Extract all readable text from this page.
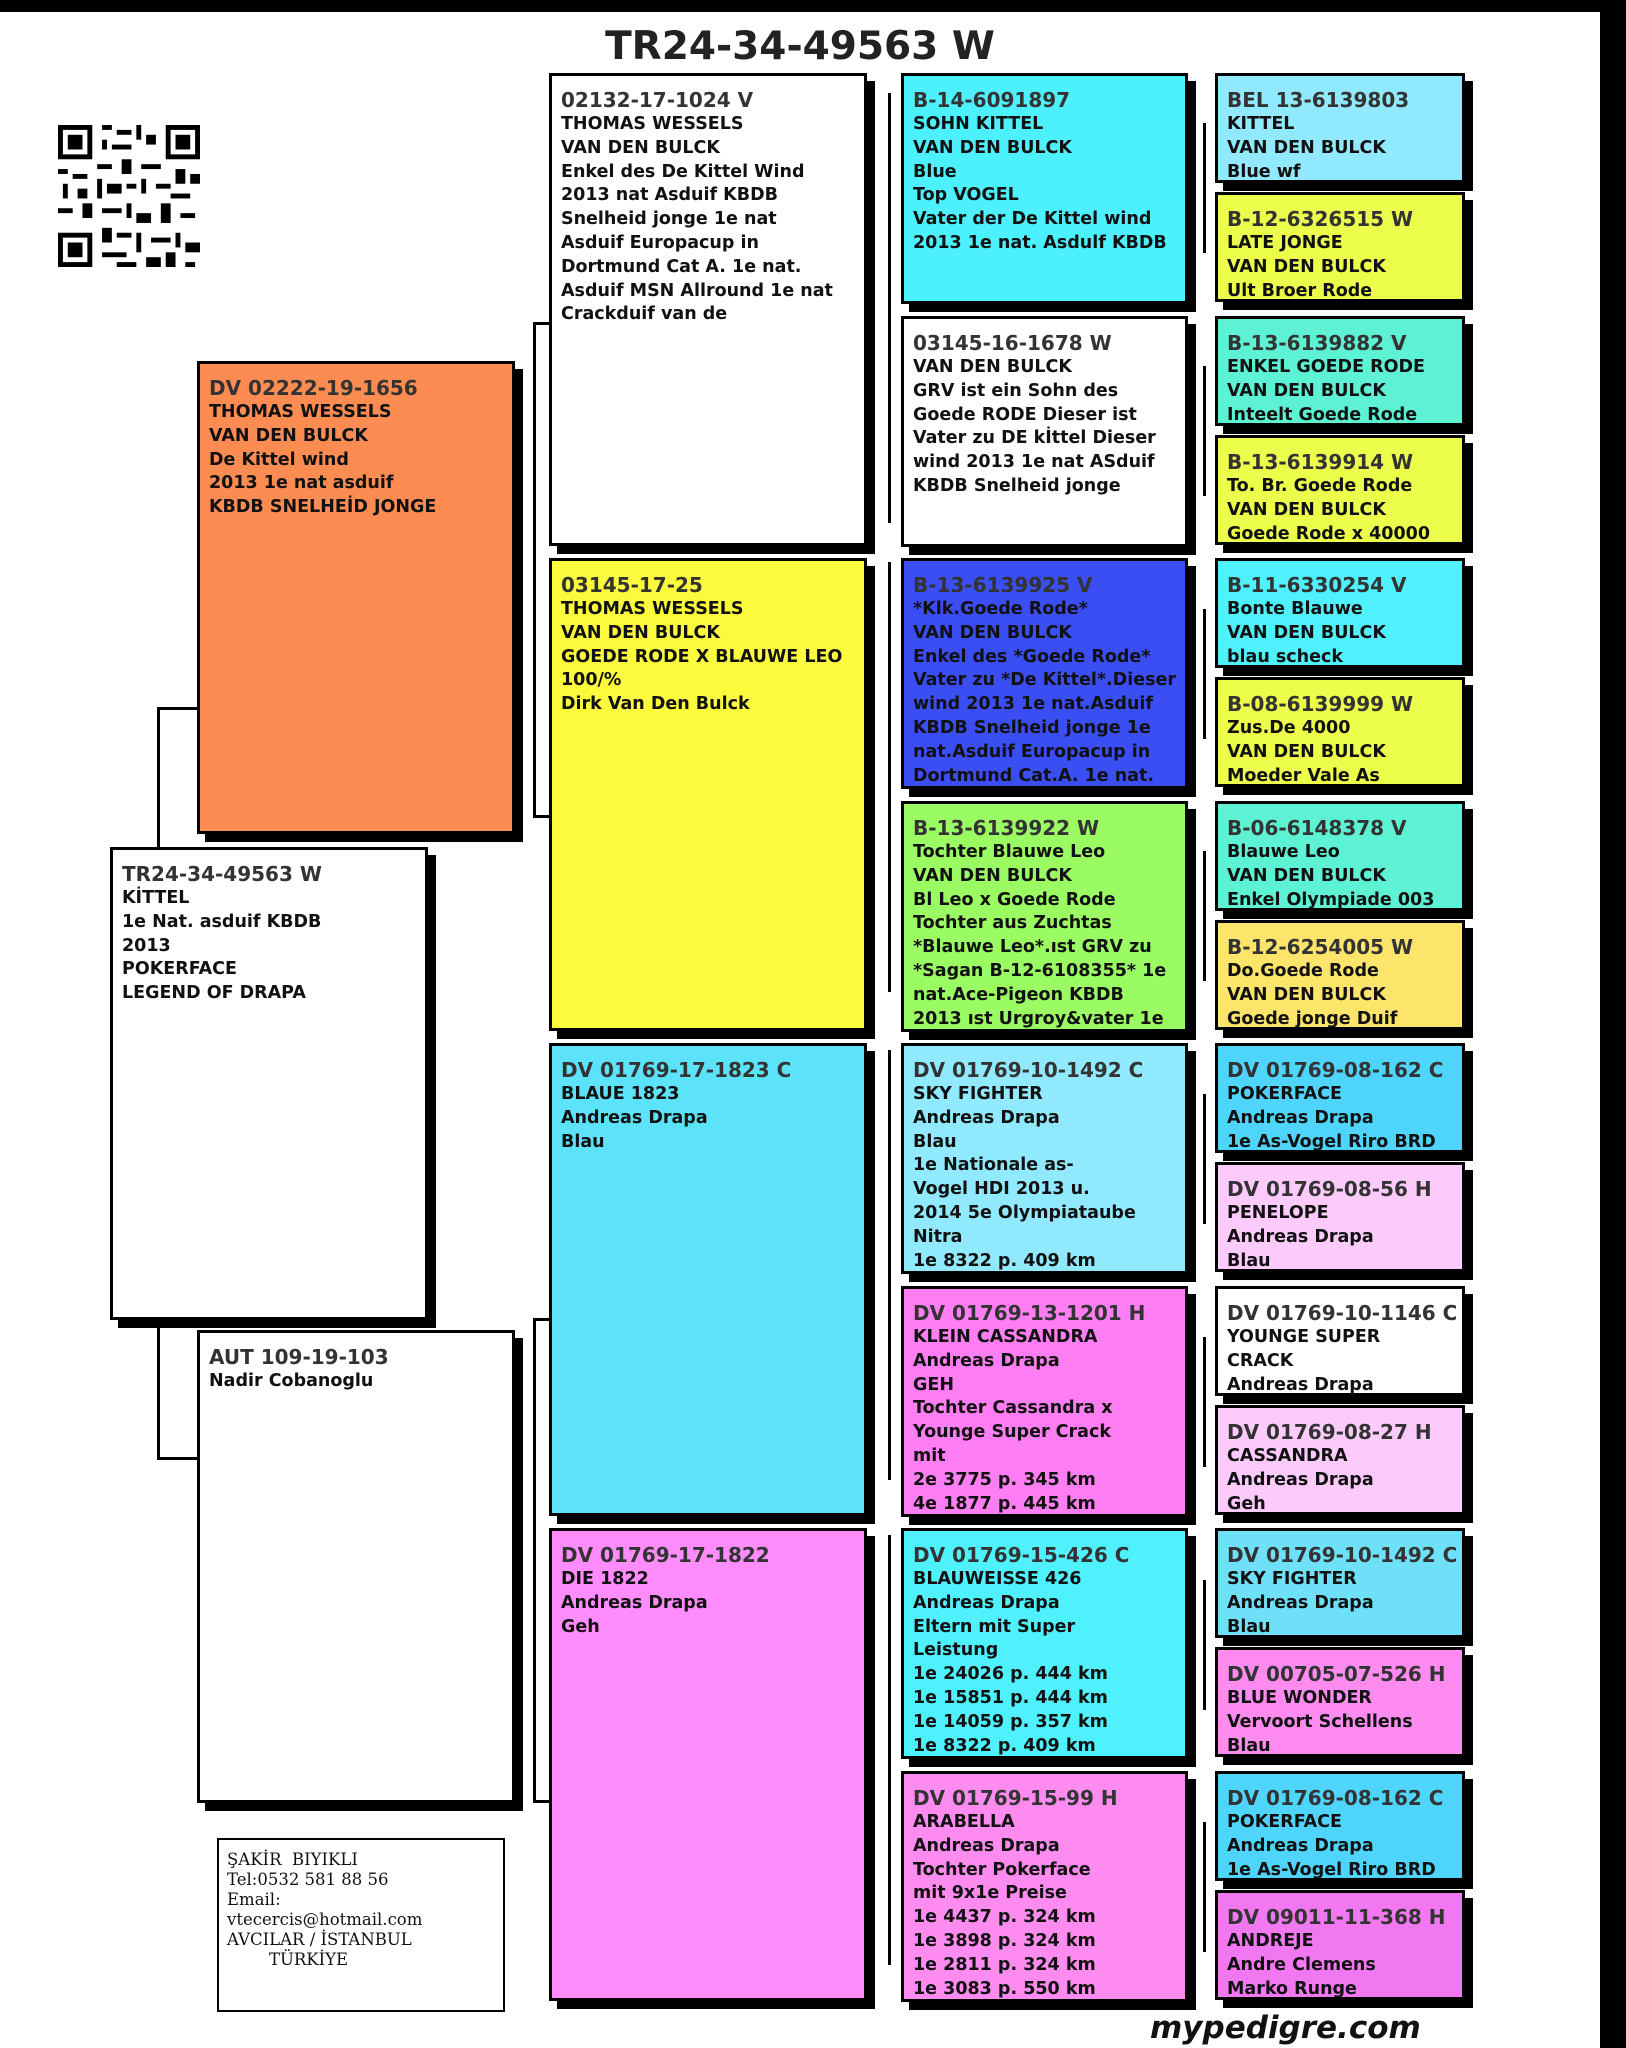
TR24-34-49563 W
TR24-34-49563 W
KİTTEL
1e Nat. asduif KBDB
2013
POKERFACE
LEGEND OF DRAPA
DV 02222-19-1656
THOMAS WESSELS
VAN DEN BULCK
De Kittel wind
2013 1e nat asduif
KBDB SNELHEİD JONGE
AUT 109-19-103
Nadir Cobanoglu
02132-17-1024 V
THOMAS WESSELS
VAN DEN BULCK
Enkel des De Kittel Wind
2013 nat Asduif KBDB
Snelheid jonge 1e nat
Asduif Europacup in
Dortmund Cat A. 1e nat.
Asduif MSN Allround 1e nat
Crackduif van de
03145-17-25
THOMAS WESSELS
VAN DEN BULCK
GOEDE RODE X BLAUWE LEO
100/%
Dirk Van Den Bulck
DV 01769-17-1823 C
BLAUE 1823
Andreas Drapa
Blau
DV 01769-17-1822
DIE 1822
Andreas Drapa
Geh
B-14-6091897
SOHN KITTEL
VAN DEN BULCK
Blue
Top VOGEL
Vater der De Kittel wind
2013 1e nat. Asdulf KBDB
03145-16-1678 W
VAN DEN BULCK
GRV ist ein Sohn des
Goede RODE Dieser ist
Vater zu DE kİttel Dieser
wind 2013 1e nat ASduif
KBDB Snelheid jonge
B-13-6139925 V
*Klk.Goede Rode*
VAN DEN BULCK
Enkel des *Goede Rode*
Vater zu *De Kittel*.Dieser
wind 2013 1e nat.Asduif
KBDB Snelheid jonge 1e
nat.Asduif Europacup in
Dortmund Cat.A. 1e nat.
B-13-6139922 W
Tochter Blauwe Leo
VAN DEN BULCK
Bl Leo x Goede Rode
Tochter aus Zuchtas
*Blauwe Leo*.ıst GRV zu
*Sagan B-12-6108355* 1e
nat.Ace-Pigeon KBDB
2013 ıst Urgroy&vater 1e
DV 01769-10-1492 C
SKY FIGHTER
Andreas Drapa
Blau
1e Nationale as-
Vogel HDI 2013 u.
2014 5e Olympiataube
Nitra
1e 8322 p. 409 km
DV 01769-13-1201 H
KLEIN CASSANDRA
Andreas Drapa
GEH
Tochter Cassandra x
Younge Super Crack
mit
2e 3775 p. 345 km
4e 1877 p. 445 km
DV 01769-15-426 C
BLAUWEISSE 426
Andreas Drapa
Eltern mit Super
Leistung
1e 24026 p. 444 km
1e 15851 p. 444 km
1e 14059 p. 357 km
1e 8322 p. 409 km
DV 01769-15-99 H
ARABELLA
Andreas Drapa
Tochter Pokerface
mit 9x1e Preise
1e 4437 p. 324 km
1e 3898 p. 324 km
1e 2811 p. 324 km
1e 3083 p. 550 km
BEL 13-6139803
KITTEL
VAN DEN BULCK
Blue wf
B-12-6326515 W
LATE JONGE
VAN DEN BULCK
Ult Broer Rode
B-13-6139882 V
ENKEL GOEDE RODE
VAN DEN BULCK
Inteelt Goede Rode
B-13-6139914 W
To. Br. Goede Rode
VAN DEN BULCK
Goede Rode x 40000
B-11-6330254 V
Bonte Blauwe
VAN DEN BULCK
blau scheck
B-08-6139999 W
Zus.De 4000
VAN DEN BULCK
Moeder Vale As
B-06-6148378 V
Blauwe Leo
VAN DEN BULCK
Enkel Olympiade 003
B-12-6254005 W
Do.Goede Rode
VAN DEN BULCK
Goede jonge Duif
DV 01769-08-162 C
POKERFACE
Andreas Drapa
1e As-Vogel Riro BRD
DV 01769-08-56 H
PENELOPE
Andreas Drapa
Blau
DV 01769-10-1146 C
YOUNGE SUPER
CRACK
Andreas Drapa
DV 01769-08-27 H
CASSANDRA
Andreas Drapa
Geh
DV 01769-10-1492 C
SKY FIGHTER
Andreas Drapa
Blau
DV 00705-07-526 H
BLUE WONDER
Vervoort Schellens
Blau
DV 01769-08-162 C
POKERFACE
Andreas Drapa
1e As-Vogel Riro BRD
DV 09011-11-368 H
ANDREJE
Andre Clemens
Marko Runge
ŞAKİR  BIYIKLI
Tel:0532 581 88 56
Email:
vtecercis@hotmail.com
AVCILAR / İSTANBUL
TÜRKİYE
mypedigre.com
